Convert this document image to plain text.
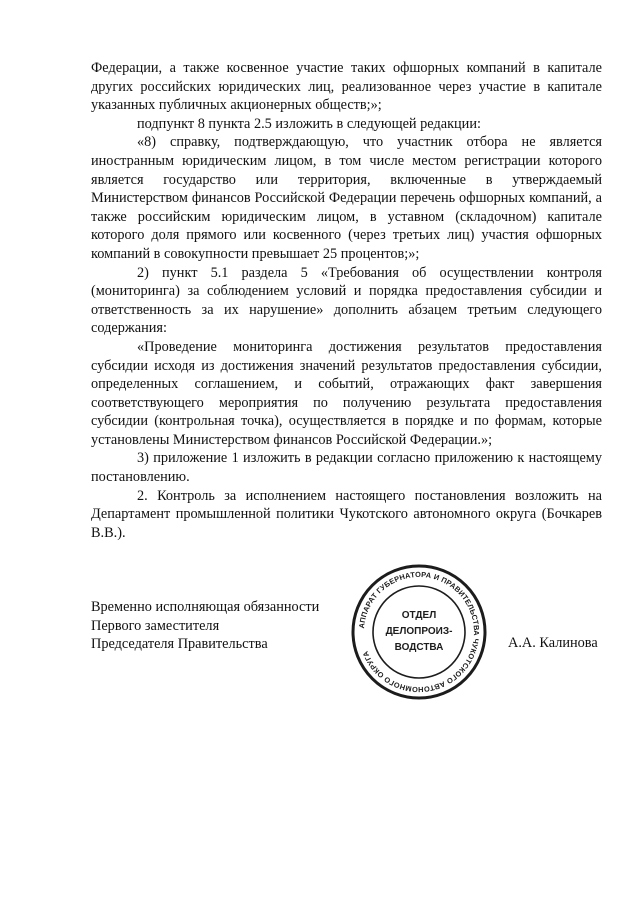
Федерации, а также косвенное участие таких офшорных компаний в капитале других российских юридических лиц, реализованное через участие в капитале указанных публичных акционерных обществ;»;

подпункт 8 пункта 2.5 изложить в следующей редакции:

«8) справку, подтверждающую, что участник отбора не является иностранным юридическим лицом, в том числе местом регистрации которого является государство или территория, включенные в утверждаемый Министерством финансов Российской Федерации перечень офшорных компаний, а также российским юридическим лицом, в уставном (складочном) капитале которого доля прямого или косвенного (через третьих лиц) участия офшорных компаний в совокупности превышает 25 процентов;»;

2) пункт 5.1 раздела 5 «Требования об осуществлении контроля (мониторинга) за соблюдением условий и порядка предоставления субсидии и ответственность за их нарушение» дополнить абзацем третьим следующего содержания:

«Проведение мониторинга достижения результатов предоставления субсидии исходя из достижения значений результатов предоставления субсидии, определенных соглашением, и событий, отражающих факт завершения соответствующего мероприятия по получению результата предоставления субсидии (контрольная точка), осуществляется в порядке и по формам, которые установлены Министерством финансов Российской Федерации.»;

3) приложение 1 изложить в редакции согласно приложению к настоящему постановлению.

2. Контроль за исполнением настоящего постановления возложить на Департамент промышленной политики Чукотского автономного округа (Бочкарев В.В.).

Временно исполняющая обязанности
Первого заместителя
Председателя Правительства
АППАРАТ ГУБЕРНАТОРА И ПРАВИТЕЛЬСТВА ЧУКОТСКОГО АВТОНОМНОГО ОКРУГА
ОТДЕЛ
ДЕЛОПРОИЗ-
ВОДСТВА	А.А. Калинова
